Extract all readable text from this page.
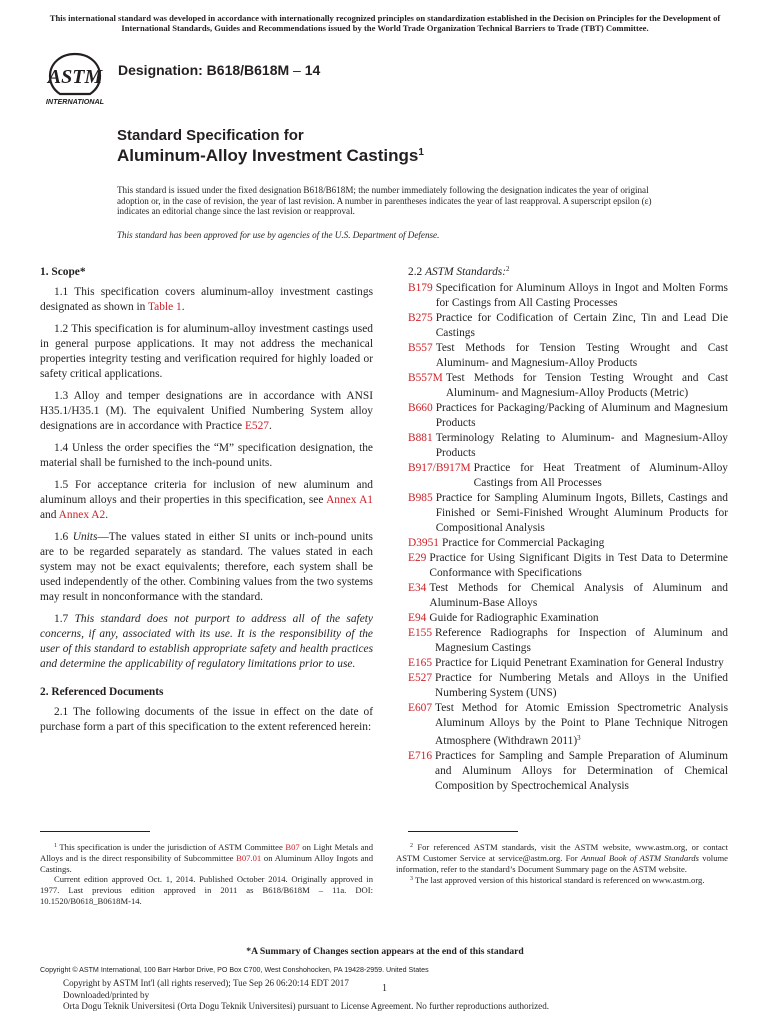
This international standard was developed in accordance with internationally recognized principles on standardization established in the Decision on Principles for the Development of International Standards, Guides and Recommendations issued by the World Trade Organization Technical Barriers to Trade (TBT) Committee.
ASTM
INTERNATIONAL
Designation: B618/B618M – 14
Standard Specification for
Aluminum-Alloy Investment Castings$^1$
This standard is issued under the fixed designation B618/B618M; the number immediately following the designation indicates the year of original adoption or, in the case of revision, the year of last revision. A number in parentheses indicates the year of last reapproval. A superscript epsilon (ε) indicates an editorial change since the last revision or reapproval.
This standard has been approved for use by agencies of the U.S. Department of Defense.
1. Scope*

1.1 This specification covers aluminum-alloy investment castings designated as shown in Table 1.

1.2 This specification is for aluminum-alloy investment castings used in general purpose applications. It may not address the mechanical properties integrity testing and verification required for highly loaded or safety critical applications.

1.3 Alloy and temper designations are in accordance with ANSI H35.1/H35.1 (M). The equivalent Unified Numbering System alloy designations are in accordance with Practice E527.

1.4 Unless the order specifies the “M” specification designation, the material shall be furnished to the inch-pound units.

1.5 For acceptance criteria for inclusion of new aluminum and aluminum alloys and their properties in this specification, see Annex A1 and Annex A2.

1.6 Units—The values stated in either SI units or inch-pound units are to be regarded separately as standard. The values stated in each system may not be exact equivalents; therefore, each system shall be used independently of the other. Combining values from the two systems may result in nonconformance with the standard.

1.7 This standard does not purport to address all of the safety concerns, if any, associated with its use. It is the responsibility of the user of this standard to establish appropriate safety and health practices and determine the applicability of regulatory limitations prior to use.

2. Referenced Documents

2.1 The following documents of the issue in effect on the date of purchase form a part of this specification to the extent referenced herein:

2.2 ASTM Standards:$^2$

B179 Specification for Aluminum Alloys in Ingot and Molten Forms for Castings from All Casting Processes
B275 Practice for Codification of Certain Zinc, Tin and Lead Die Castings
B557 Test Methods for Tension Testing Wrought and Cast Aluminum- and Magnesium-Alloy Products
B557M Test Methods for Tension Testing Wrought and Cast Aluminum- and Magnesium-Alloy Products (Metric)
B660 Practices for Packaging/Packing of Aluminum and Magnesium Products
B881 Terminology Relating to Aluminum- and Magnesium-Alloy Products
B917/B917M Practice for Heat Treatment of Aluminum-Alloy Castings from All Processes
B985 Practice for Sampling Aluminum Ingots, Billets, Castings and Finished or Semi-Finished Wrought Aluminum Products for Compositional Analysis
D3951 Practice for Commercial Packaging
E29 Practice for Using Significant Digits in Test Data to Determine Conformance with Specifications
E34 Test Methods for Chemical Analysis of Aluminum and Aluminum-Base Alloys
E94 Guide for Radiographic Examination
E155 Reference Radiographs for Inspection of Aluminum and Magnesium Castings
E165 Practice for Liquid Penetrant Examination for General Industry
E527 Practice for Numbering Metals and Alloys in the Unified Numbering System (UNS)
E607 Test Method for Atomic Emission Spectrometric Analysis Aluminum Alloys by the Point to Plane Technique Nitrogen Atmosphere (Withdrawn 2011)$^3$
E716 Practices for Sampling and Sample Preparation of Aluminum and Aluminum Alloys for Determination of Chemical Composition by Spectrochemical Analysis

$^1$ This specification is under the jurisdiction of ASTM Committee B07 on Light Metals and Alloys and is the direct responsibility of Subcommittee B07.01 on Aluminum Alloy Ingots and Castings.

Current edition approved Oct. 1, 2014. Published October 2014. Originally approved in 1977. Last previous edition approved in 2011 as B618/B618M – 11a. DOI: 10.1520/B0618_B0618M-14.

$^2$ For referenced ASTM standards, visit the ASTM website, www.astm.org, or contact ASTM Customer Service at service@astm.org. For Annual Book of ASTM Standards volume information, refer to the standard’s Document Summary page on the ASTM website.

$^3$ The last approved version of this historical standard is referenced on www.astm.org.

*A Summary of Changes section appears at the end of this standard
Copyright © ASTM International, 100 Barr Harbor Drive, PO Box C700, West Conshohocken, PA 19428-2959. United States
Copyright by ASTM Int'l (all rights reserved); Tue Sep 26 06:20:14 EDT 2017
Downloaded/printed by
Orta Dogu Teknik Universitesi (Orta Dogu Teknik Universitesi) pursuant to License Agreement. No further reproductions authorized.
1
